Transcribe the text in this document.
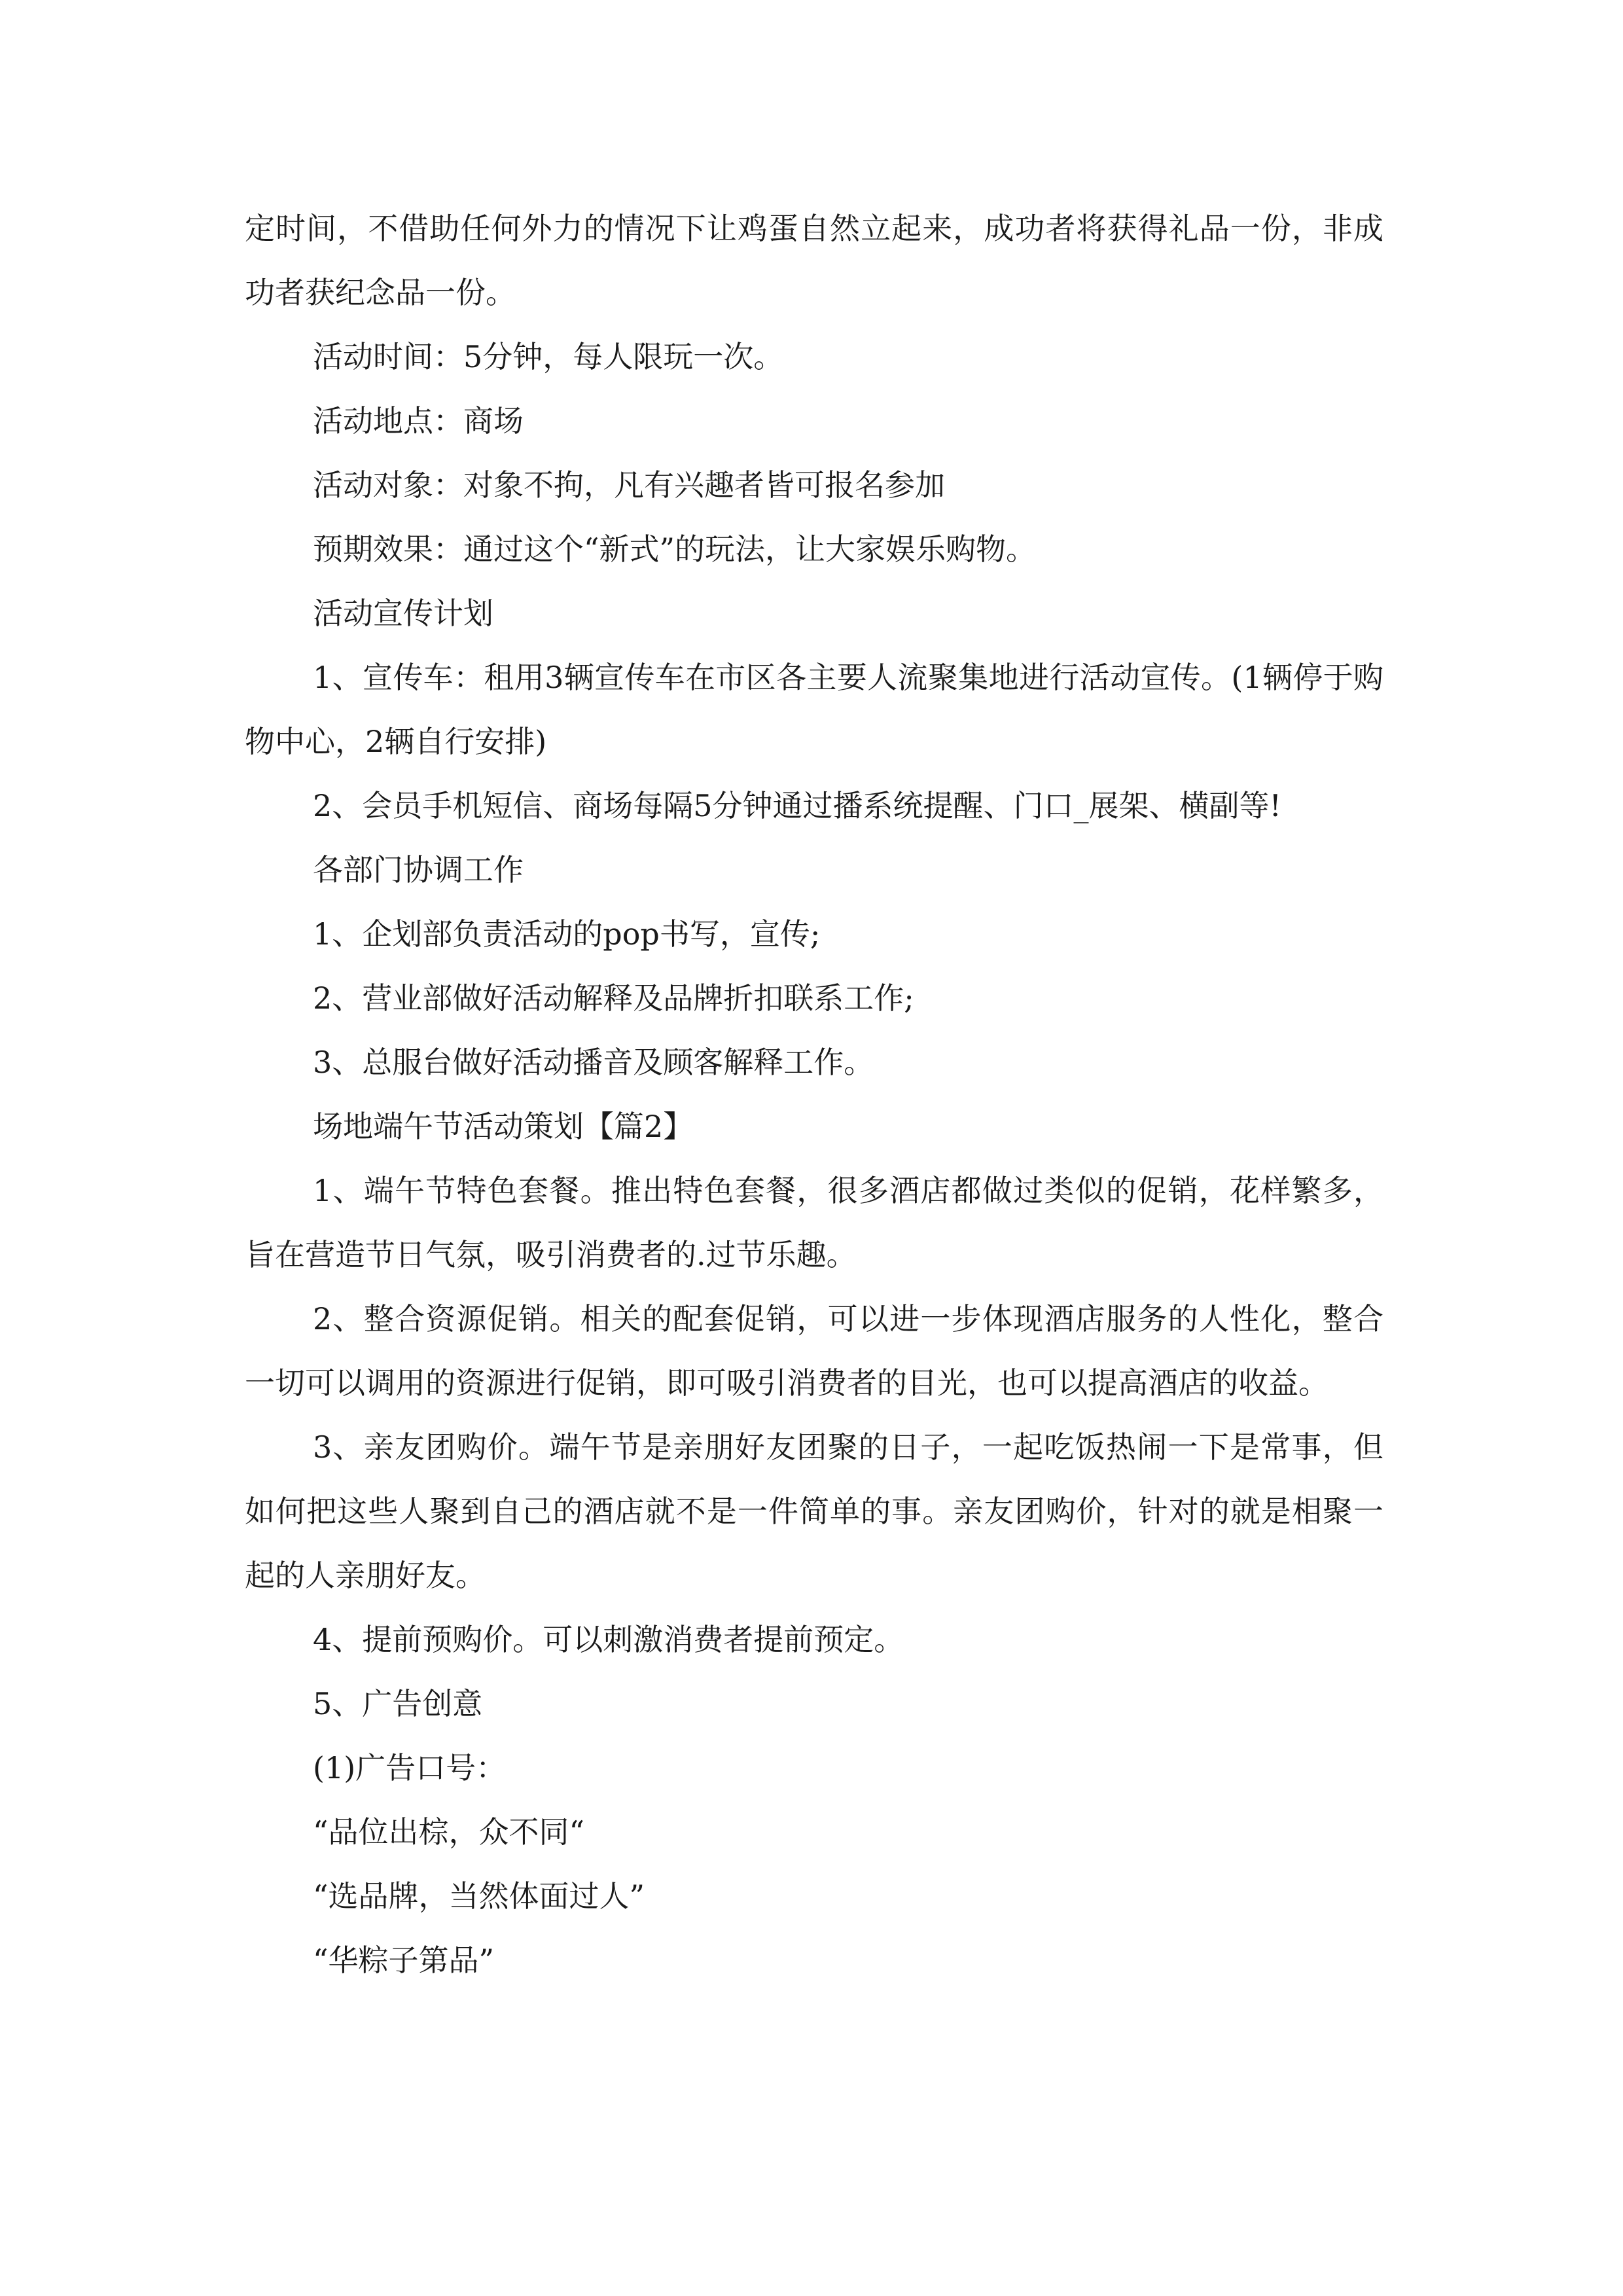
定时间，不借助任何外力的情况下让鸡蛋自然立起来，成功者将获得礼品一份，非成功者获纪念品一份。

活动时间：5分钟，每人限玩一次。

活动地点：商场

活动对象：对象不拘，凡有兴趣者皆可报名参加

预期效果：通过这个“新式”的玩法，让大家娱乐购物。

活动宣传计划

1、宣传车：租用3辆宣传车在市区各主要人流聚集地进行活动宣传。(1辆停于购物中心，2辆自行安排)

2、会员手机短信、商场每隔5分钟通过播系统提醒、门口_展架、横副等!

各部门协调工作

1、企划部负责活动的pop书写，宣传;

2、营业部做好活动解释及品牌折扣联系工作;

3、总服台做好活动播音及顾客解释工作。

场地端午节活动策划【篇2】

1、端午节特色套餐。推出特色套餐，很多酒店都做过类似的促销，花样繁多，旨在营造节日气氛，吸引消费者的.过节乐趣。

2、整合资源促销。相关的配套促销，可以进一步体现酒店服务的人性化，整合一切可以调用的资源进行促销，即可吸引消费者的目光，也可以提高酒店的收益。

3、亲友团购价。端午节是亲朋好友团聚的日子，一起吃饭热闹一下是常事，但如何把这些人聚到自己的酒店就不是一件简单的事。亲友团购价，针对的就是相聚一起的人亲朋好友。

4、提前预购价。可以刺激消费者提前预定。

5、广告创意

(1)广告口号：

“品位出棕，众不同“

“选品牌，当然体面过人”

“华粽子第品”
